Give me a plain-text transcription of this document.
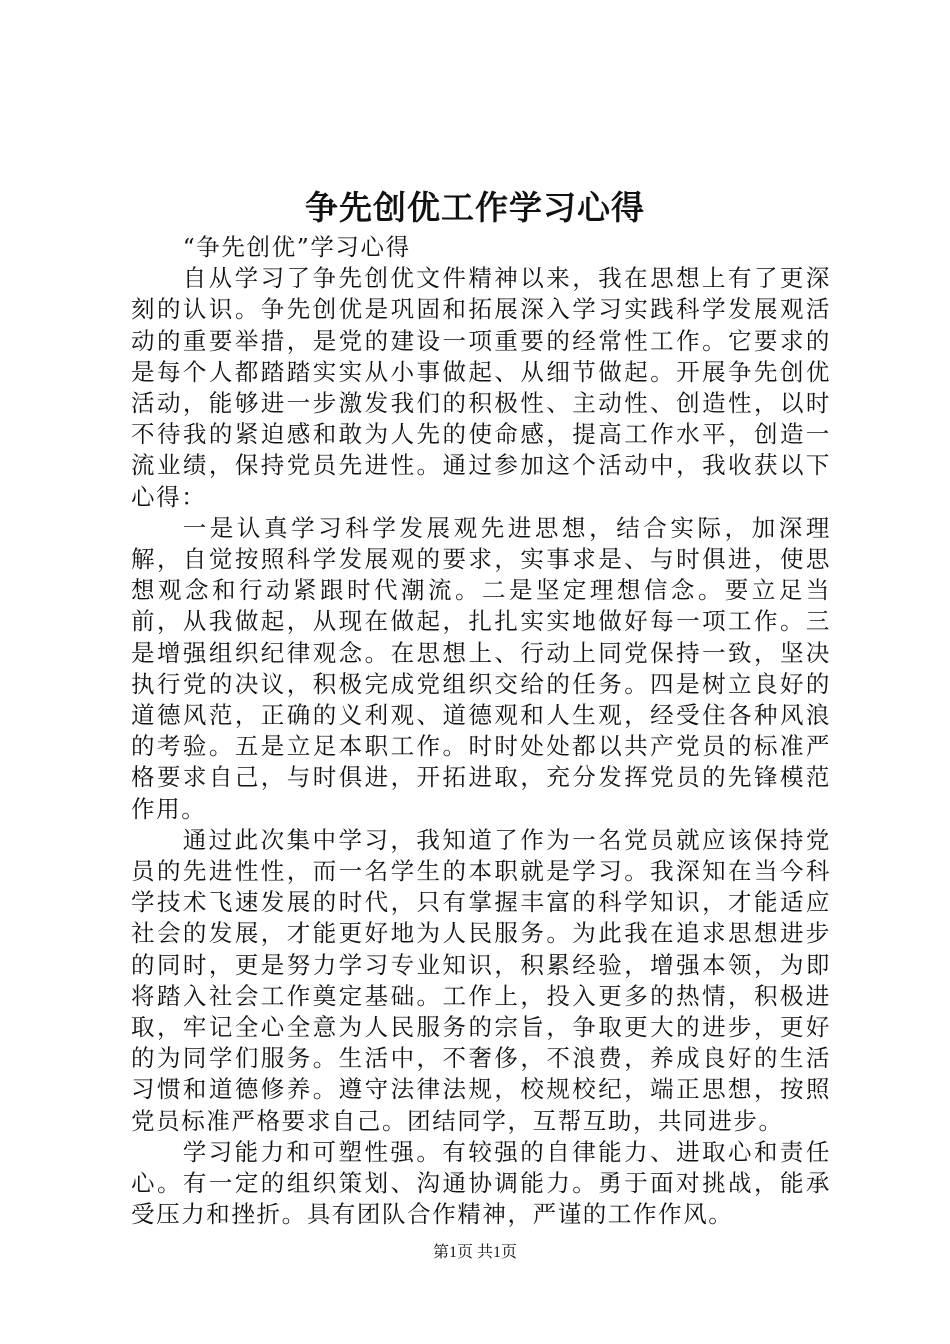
争先创优工作学习心得

“争先创优”学习心得

自从学习了争先创优文件精神以来，我在思想上有了更深刻的认识。争先创优是巩固和拓展深入学习实践科学发展观活动的重要举措，是党的建设一项重要的经常性工作。它要求的是每个人都踏踏实实从小事做起、从细节做起。开展争先创优活动，能够进一步激发我们的积极性、主动性、创造性，以时不待我的紧迫感和敢为人先的使命感，提高工作水平，创造一流业绩，保持党员先进性。通过参加这个活动中，我收获以下心得：

一是认真学习科学发展观先进思想，结合实际，加深理解，自觉按照科学发展观的要求，实事求是、与时俱进，使思想观念和行动紧跟时代潮流。二是坚定理想信念。要立足当前，从我做起，从现在做起，扎扎实实地做好每一项工作。三是增强组织纪律观念。在思想上、行动上同党保持一致，坚决执行党的决议，积极完成党组织交给的任务。四是树立良好的道德风范，正确的义利观、道德观和人生观，经受住各种风浪的考验。五是立足本职工作。时时处处都以共产党员的标准严格要求自己，与时俱进，开拓进取，充分发挥党员的先锋模范作用。

通过此次集中学习，我知道了作为一名党员就应该保持党员的先进性性，而一名学生的本职就是学习。我深知在当今科学技术飞速发展的时代，只有掌握丰富的科学知识，才能适应社会的发展，才能更好地为人民服务。为此我在追求思想进步的同时，更是努力学习专业知识，积累经验，增强本领，为即将踏入社会工作奠定基础。工作上，投入更多的热情，积极进取，牢记全心全意为人民服务的宗旨，争取更大的进步，更好的为同学们服务。生活中，不奢侈，不浪费，养成良好的生活习惯和道德修养。遵守法律法规，校规校纪，端正思想，按照党员标准严格要求自己。团结同学，互帮互助，共同进步。

学习能力和可塑性强。有较强的自律能力、进取心和责任心。有一定的组织策划、沟通协调能力。勇于面对挑战，能承受压力和挫折。具有团队合作精神，严谨的工作作风。

第1页 共1页
